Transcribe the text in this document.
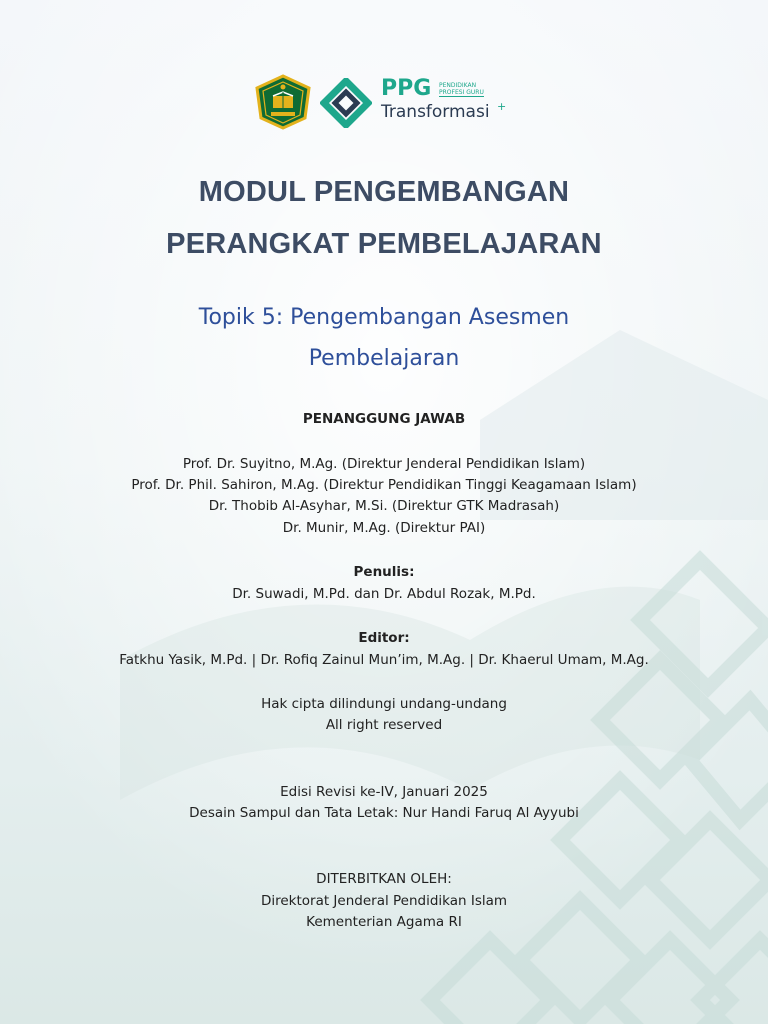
PPG	PENDIDIKAN
PROFESI GURU
Transformasi +
MODUL PENGEMBANGAN
PERANGKAT PEMBELAJARAN
Topik 5: Pengembangan Asesmen
Pembelajaran
PENANGGUNG JAWAB
Prof. Dr. Suyitno, M.Ag. (Direktur Jenderal Pendidikan Islam)
Prof. Dr. Phil. Sahiron, M.Ag. (Direktur Pendidikan Tinggi Keagamaan Islam)
Dr. Thobib Al-Asyhar, M.Si. (Direktur GTK Madrasah)
Dr. Munir, M.Ag. (Direktur PAI)
Penulis:
Dr. Suwadi, M.Pd. dan Dr. Abdul Rozak, M.Pd.
Editor:
Fatkhu Yasik, M.Pd. | Dr. Rofiq Zainul Mun’im, M.Ag. | Dr. Khaerul Umam, M.Ag.
Hak cipta dilindungi undang-undang
All right reserved
Edisi Revisi ke-IV, Januari 2025
Desain Sampul dan Tata Letak: Nur Handi Faruq Al Ayyubi
DITERBITKAN OLEH:
Direktorat Jenderal Pendidikan Islam
Kementerian Agama RI
